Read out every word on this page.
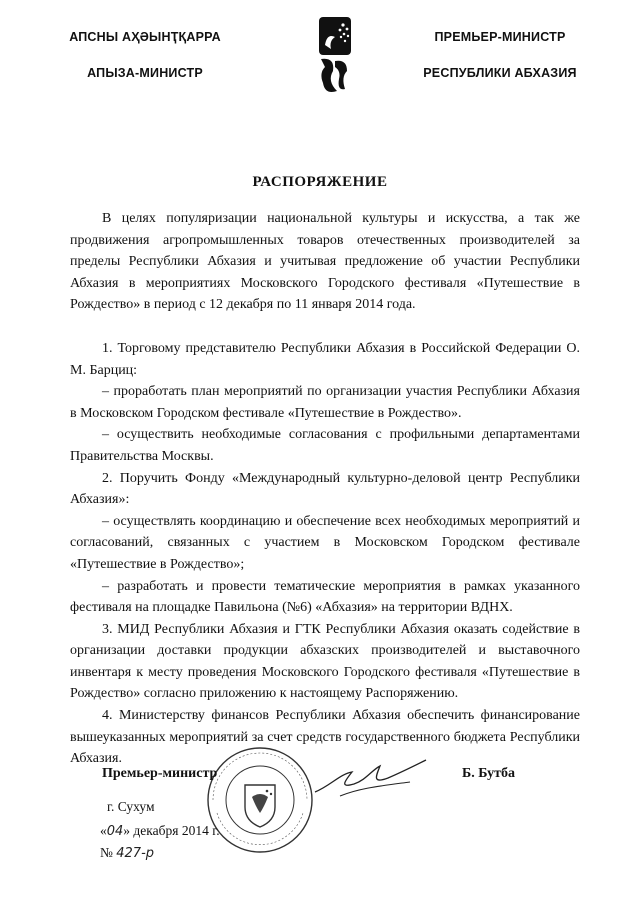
АПСНЫ АҲӘЫНҬҚАРРА
АПЫЗА-МИНИСТР
ПРЕМЬЕР-МИНИСТР
РЕСПУБЛИКИ АБХАЗИЯ
РАСПОРЯЖЕНИЕ

В целях популяризации национальной культуры и искусства, а так же продвижения агропромышленных товаров отечественных производителей за пределы Республики Абхазия и учитывая предложение об участии Республики Абхазия в мероприятиях Московского Городского фестиваля «Путешествие в Рождество» в период с 12 декабря по 11 января 2014 года.

1. Торговому представителю Республики Абхазия в Российской Федерации О. М. Барциц:

– проработать план мероприятий по организации участия Республики Абхазия в Московском Городском фестивале «Путешествие в Рождество».

– осуществить необходимые согласования с профильными департаментами Правительства Москвы.

2. Поручить Фонду «Международный культурно-деловой центр Республики Абхазия»:

– осуществлять координацию и обеспечение всех необходимых мероприятий и согласований, связанных с участием в Московском Городском фестивале «Путешествие в Рождество»;

– разработать и провести тематические мероприятия в рамках указанного фестиваля на площадке Павильона (№6) «Абхазия» на территории ВДНХ.

3. МИД Республики Абхазия и ГТК Республики Абхазия оказать содействие в организации доставки продукции абхазских производителей и выставочного инвентаря к месту проведения Московского Городского фестиваля «Путешествие в Рождество» согласно приложению к настоящему Распоряжению.

4. Министерству финансов Республики Абхазия обеспечить финансирование вышеуказанных мероприятий за счет средств государственного бюджета Республики Абхазия.

Премьер-министр	Б. Бутба
г. Сухум
«04» декабря 2014 г.
№ 427-р
